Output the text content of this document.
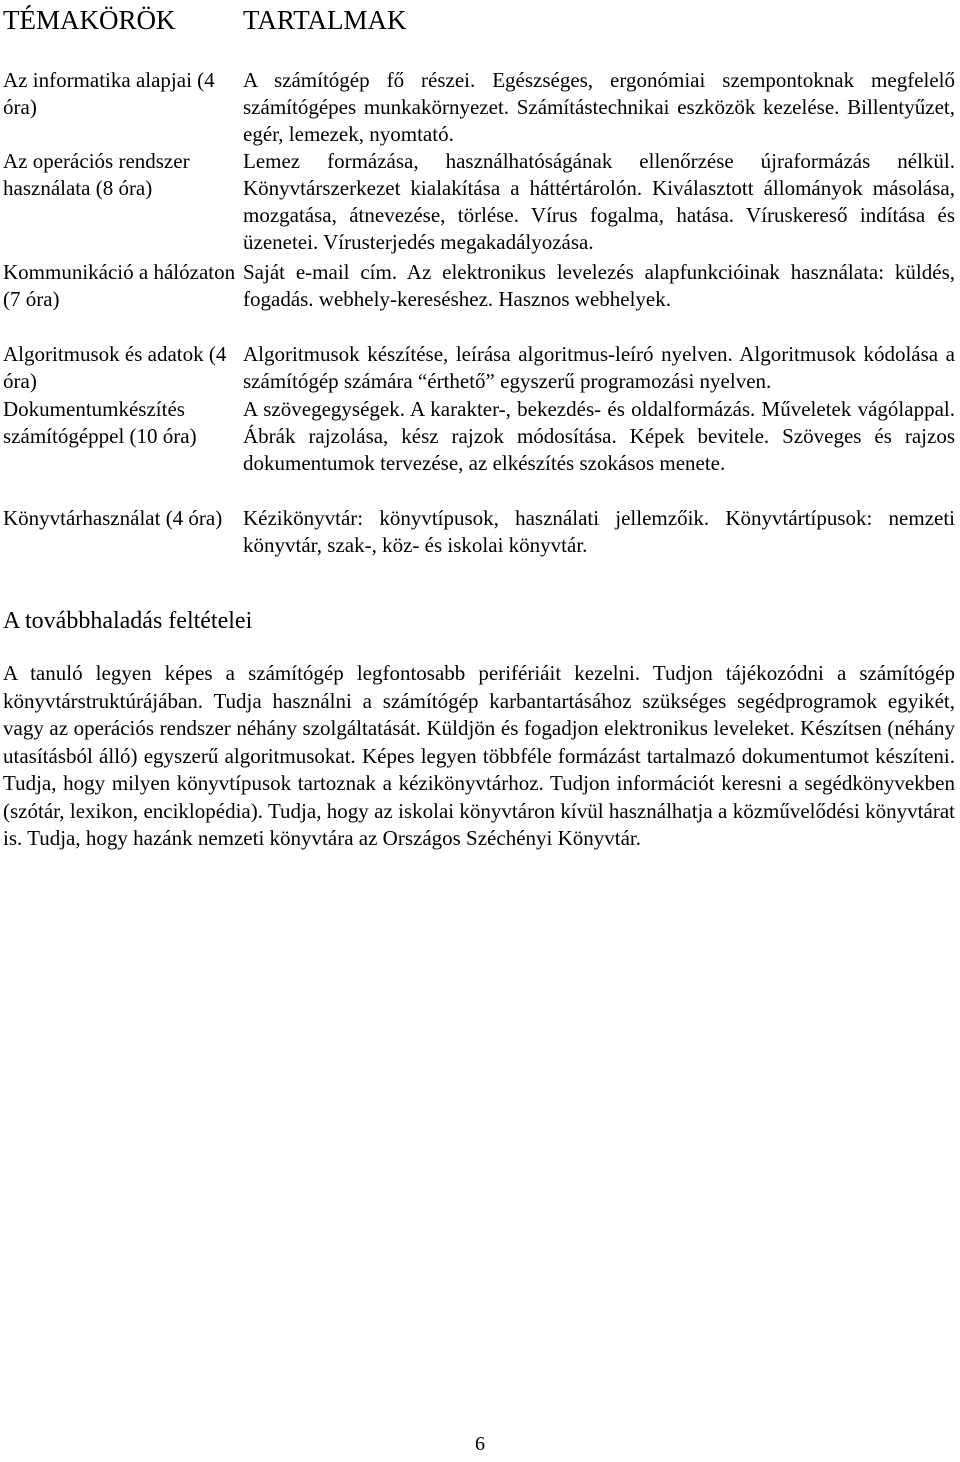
TÉMAKÖRÖK	TARTALMAK
Az informatika alapjai (4 óra)
A számítógép fő részei. Egészséges, ergonómiai szempontoknak megfelelő számítógépes munkakörnyezet. Számítástechnikai eszközök kezelése. Billentyűzet, egér, lemezek, nyomtató.
Az operációs rendszer használata (8 óra)
Lemez formázása, használhatóságának ellenőrzése újraformázás nélkül. Könyvtárszerkezet kialakítása a háttértárolón. Kiválasztott állományok másolása, mozgatása, átnevezése, törlése. Vírus fogalma, hatása. Víruskereső indítása és üzenetei. Vírusterjedés megakadályozása.
Kommunikáció a hálózaton (7 óra)
Saját e-mail cím. Az elektronikus levelezés alapfunkcióinak használata: küldés, fogadás. webhely-kereséshez. Hasznos webhelyek.
Algoritmusok és adatok (4 óra)
Algoritmusok készítése, leírása algoritmus-leíró nyelven. Algoritmusok kódolása a számítógép számára “érthető” egyszerű programozási nyelven.
Dokumentumkészítés számítógéppel (10 óra)
A szövegegységek. A karakter-, bekezdés- és oldalformázás. Műveletek vágólappal. Ábrák rajzolása, kész rajzok módosítása. Képek bevitele. Szöveges és rajzos dokumentumok tervezése, az elkészítés szokásos menete.
Könyvtárhasználat (4 óra) Kézikönyvtár: könyvtípusok, használati jellemzőik. Könyvtártípusok: nemzeti könyvtár, szak-, köz- és iskolai könyvtár.
A továbbhaladás feltételei
A tanuló legyen képes a számítógép legfontosabb perifériáit kezelni. Tudjon tájékozódni a számítógép könyvtárstruktúrájában. Tudja használni a számítógép karbantartásához szükséges segédprogramok egyikét, vagy az operációs rendszer néhány szolgáltatását. Küldjön és fogadjon elektronikus leveleket. Készítsen (néhány utasításból álló) egyszerű algoritmusokat. Képes legyen többféle formázást tartalmazó dokumentumot készíteni. Tudja, hogy milyen könyvtípusok tartoznak a kézikönyvtárhoz. Tudjon információt keresni a segédkönyvekben (szótár, lexikon, enciklopédia). Tudja, hogy az iskolai könyvtáron kívül használhatja a közművelődési könyvtárat is. Tudja, hogy hazánk nemzeti könyvtára az Országos Széchényi Könyvtár.
6
